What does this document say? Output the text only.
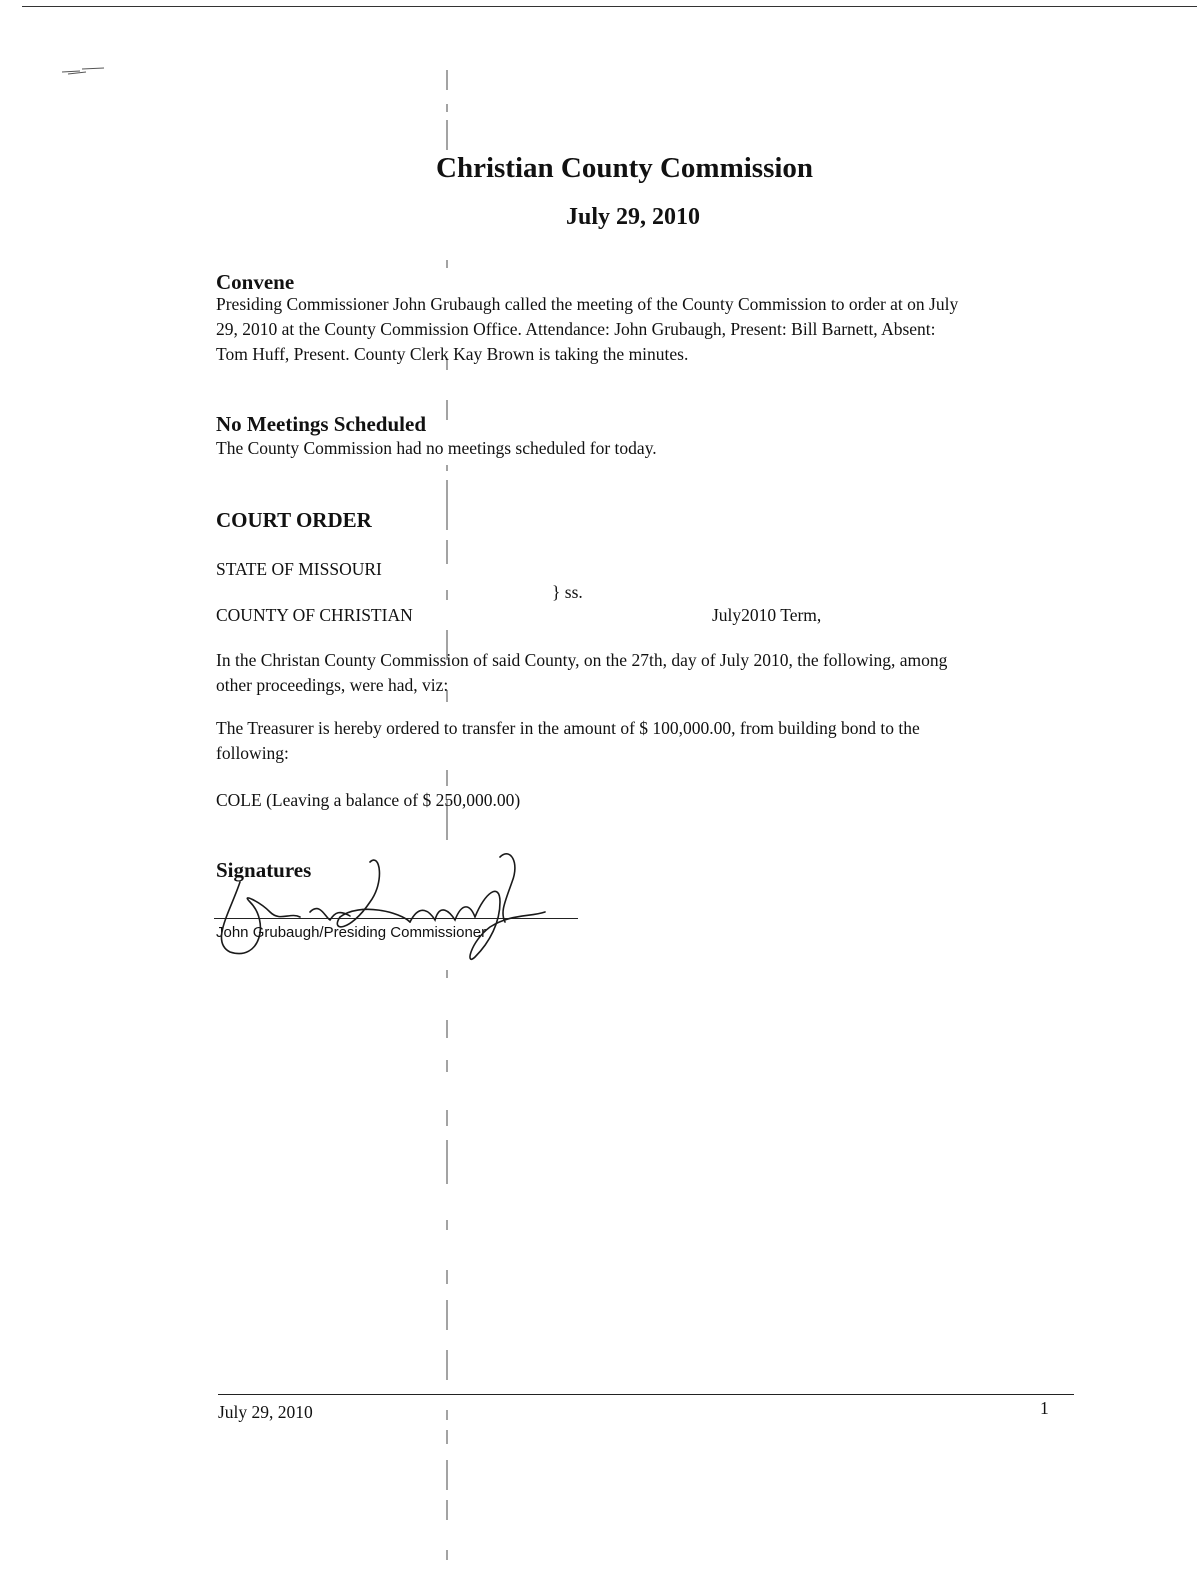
Christian County Commission
July 29, 2010
Convene
Presiding Commissioner John Grubaugh called the meeting of the County Commission to order at on July
29, 2010 at the County Commission Office. Attendance: John Grubaugh, Present: Bill Barnett, Absent:
Tom Huff, Present. County Clerk Kay Brown is taking the minutes.
No Meetings Scheduled
The County Commission had no meetings scheduled for today.
COURT ORDER
STATE OF MISSOURI
} ss.
COUNTY OF CHRISTIAN	July2010 Term,
In the Christan County Commission of said County, on the 27th, day of July 2010, the following, among
other proceedings, were had, viz:
The Treasurer is hereby ordered to transfer in the amount of $ 100,000.00, from building bond to the
following:
COLE (Leaving a balance of $ 250,000.00)
Signatures
John Grubaugh/Presiding Commissioner
July 29, 2010	1
